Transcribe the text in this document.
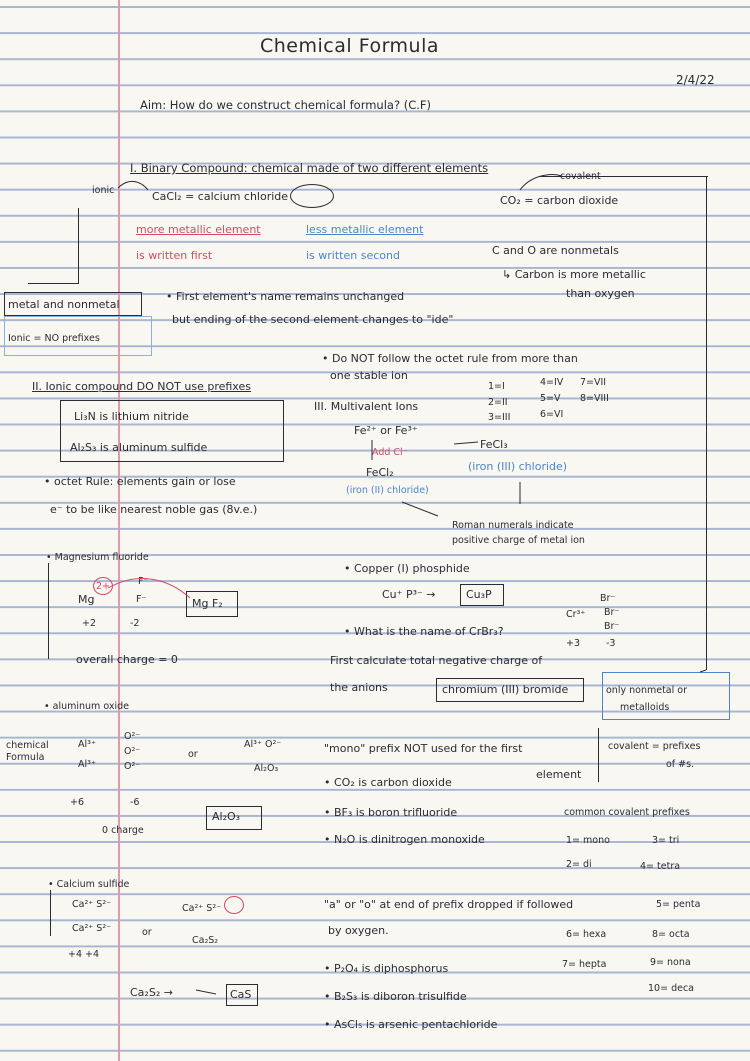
Chemical Formula
2/4/22
Aim: How do we construct chemical formula? (C.F)
I. Binary Compound: chemical made of two different elements
ionic	CaCl₂ = calcium chloride
more metallic element
is written first
less metallic element
is written second
CO₂ = carbon dioxide
C and O are nonmetals
↳ Carbon is more metallic
than oxygen
• First element's name remains unchanged
but ending of the second element changes to "ide"
metal and nonmetal
Ionic = NO prefixes
chemical
Formula
II. Ionic compound DO NOT use prefixes
Li₃N is lithium nitride
Al₂S₃ is aluminum sulfide
• octet Rule: elements gain or lose
e⁻ to be like nearest noble gas (8v.e.)
• Do NOT follow the octet rule from more than
one stable ion
1=I	4=IV 7=VII
2=II	5=V 8=VIII
3=III	6=VI
III. Multivalent Ions
Fe²⁺ or Fe³⁺
Add Cl⁻
FeCl₃
(iron (III) chloride)
FeCl₂
(iron (II) chloride)
Roman numerals indicate
positive charge of metal ion
• Magnesium fluoride
Mg
2+	F⁻
F⁻
+2	-2
Mg F₂
overall charge = 0
• Copper (I) phosphide
Cu⁺ P³⁻ →	Cu₃P
Cr³⁺
Br⁻
Br⁻
Br⁻
+3	-3
• What is the name of CrBr₃?
First calculate total negative charge of
the anions	chromium (III) bromide	only nonmetal or
metalloids
covalent = prefixes
of #s.
• aluminum oxide
Al³⁺
Al³⁺
O²⁻
O²⁻
O²⁻
or
Al³⁺ O²⁻
Al₂O₃
+6	-6
0 charge
Al₂O₃
"mono" prefix NOT used for the first
element
• CO₂ is carbon dioxide
• BF₃ is boron trifluoride
• N₂O is dinitrogen monoxide
"a" or "o" at end of prefix dropped if followed
by oxygen.
• P₂O₄ is diphosphorus
• B₂S₃ is diboron trisulfide
• AsCl₅ is arsenic pentachloride
common covalent prefixes
1= mono	3= tri
2= di	4= tetra
5= penta
6= hexa	8= octa
7= hepta	9= nona
10= deca
• Calcium sulfide
Ca²⁺ S²⁻
Ca²⁺ S²⁻	or
+4 +4
Ca²⁺ S²⁻
Ca₂S₂
Ca₂S₂ →	CaS
